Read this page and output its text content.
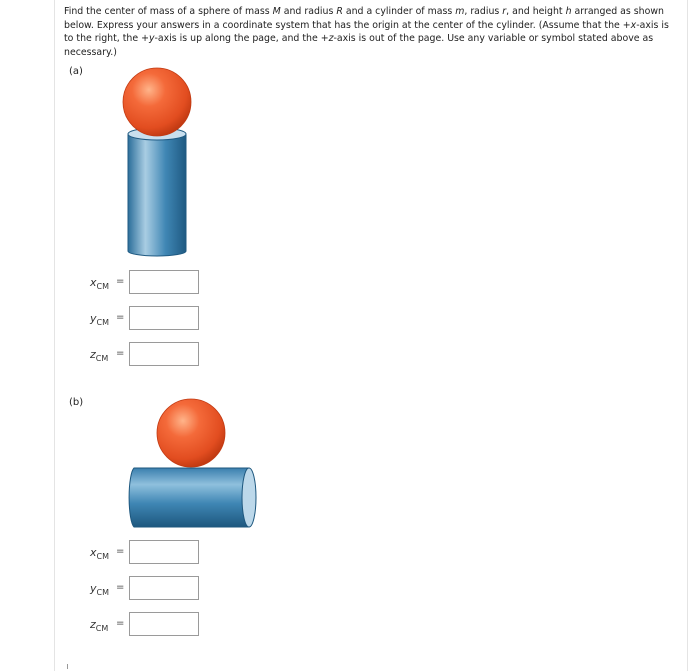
Find the center of mass of a sphere of mass M and radius R and a cylinder of mass m, radius r, and height h arranged as shown below. Express your answers in a coordinate system that has the origin at the center of the cylinder. (Assume that the +x-axis is to the right, the +y-axis is up along the page, and the +z-axis is out of the page. Use any variable or symbol stated above as necessary.)

(a)
$x_{CM}$ =
$y_{CM}$ =
$z_{CM}$ =
(b)
$x_{CM}$ =
$y_{CM}$ =
$z_{CM}$ =
